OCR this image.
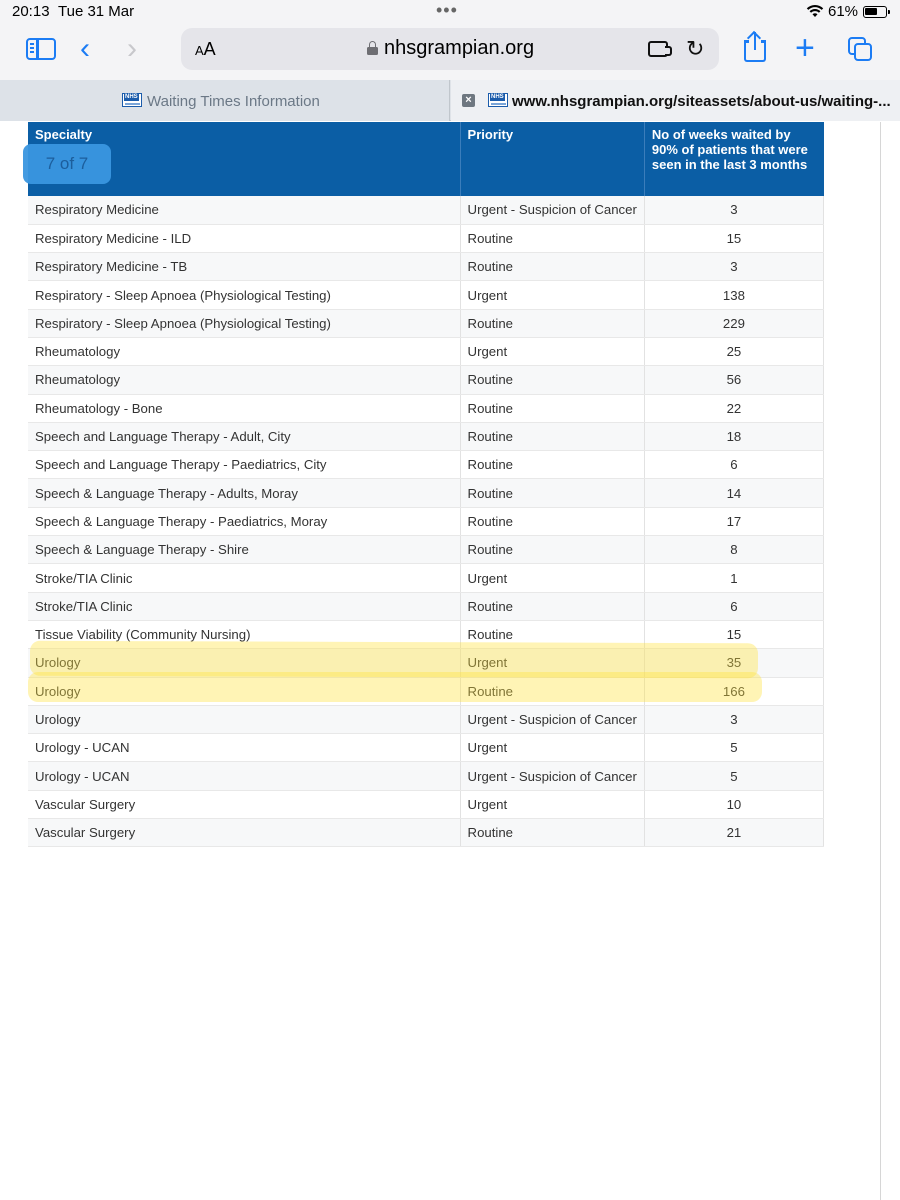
20:13 Tue 31 Mar	•••	61%
‹ ›	AA	nhsgrampian.org	↻	+
NHS
Waiting Times Information	× NHS	www.nhsgrampian.org/siteassets/about-us/waiting-...
Specialty	Priority	No of weeks waited by 90% of patients that were seen in the last 3 months
Respiratory Medicine	Urgent - Suspicion of Cancer	3
Respiratory Medicine - ILD	Routine	15
Respiratory Medicine - TB	Routine	3
Respiratory - Sleep Apnoea (Physiological Testing)	Urgent	138
Respiratory - Sleep Apnoea (Physiological Testing)	Routine	229
Rheumatology	Urgent	25
Rheumatology	Routine	56
Rheumatology - Bone	Routine	22
Speech and Language Therapy - Adult, City	Routine	18
Speech and Language Therapy - Paediatrics, City	Routine	6
Speech & Language Therapy - Adults, Moray	Routine	14
Speech & Language Therapy - Paediatrics, Moray	Routine	17
Speech & Language Therapy - Shire	Routine	8
Stroke/TIA Clinic	Urgent	1
Stroke/TIA Clinic	Routine	6
Tissue Viability (Community Nursing)	Routine	15
Urology	Urgent	35
Urology	Routine	166
Urology	Urgent - Suspicion of Cancer	3
Urology - UCAN	Urgent	5
Urology - UCAN	Urgent - Suspicion of Cancer	5
Vascular Surgery	Urgent	10
Vascular Surgery	Routine	21
7 of 7
